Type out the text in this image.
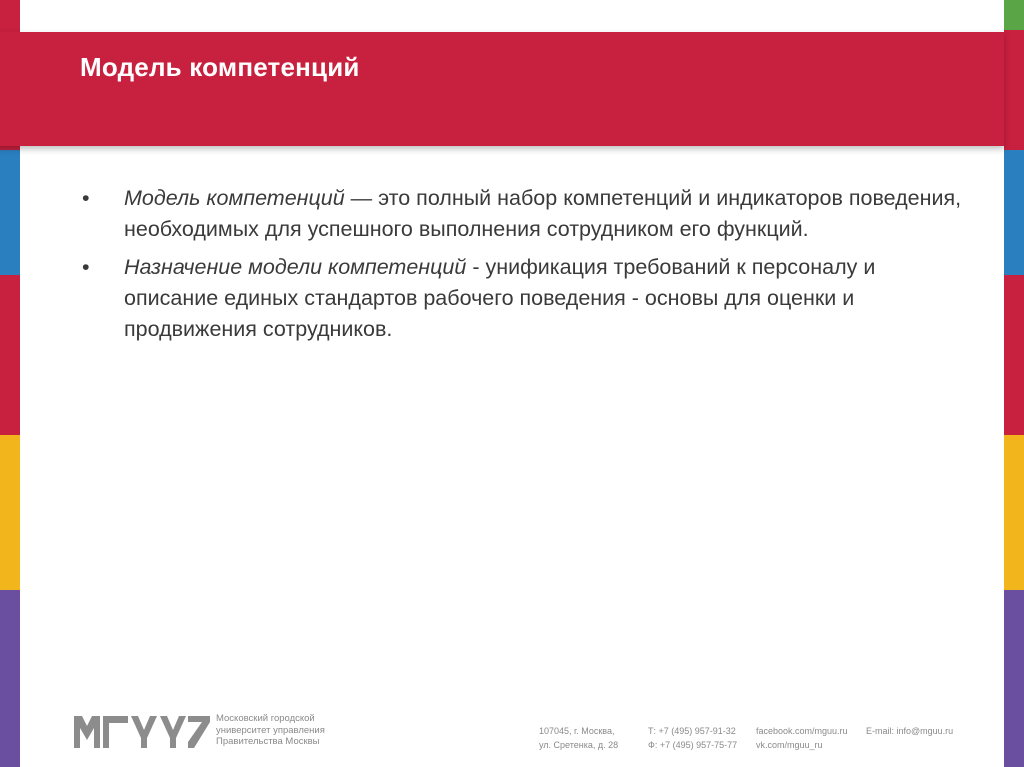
Модель компетенций

• Модель компетенций — это полный набор компетенций и индикаторов поведения, необходимых для успешного выполнения сотрудником его функций.

• Назначение модели компетенций - унификация требований к персоналу и описание единых стандартов рабочего поведения - основы для оценки и продвижения сотрудников.

Московский городской
университет управления
Правительства Москвы
107045, г. Москва,
ул. Сретенка, д. 28
Т: +7 (495) 957-91-32
Ф: +7 (495) 957-75-77
facebook.com/mguu.ru
vk.com/mguu_ru
E-mail: info@mguu.ru
